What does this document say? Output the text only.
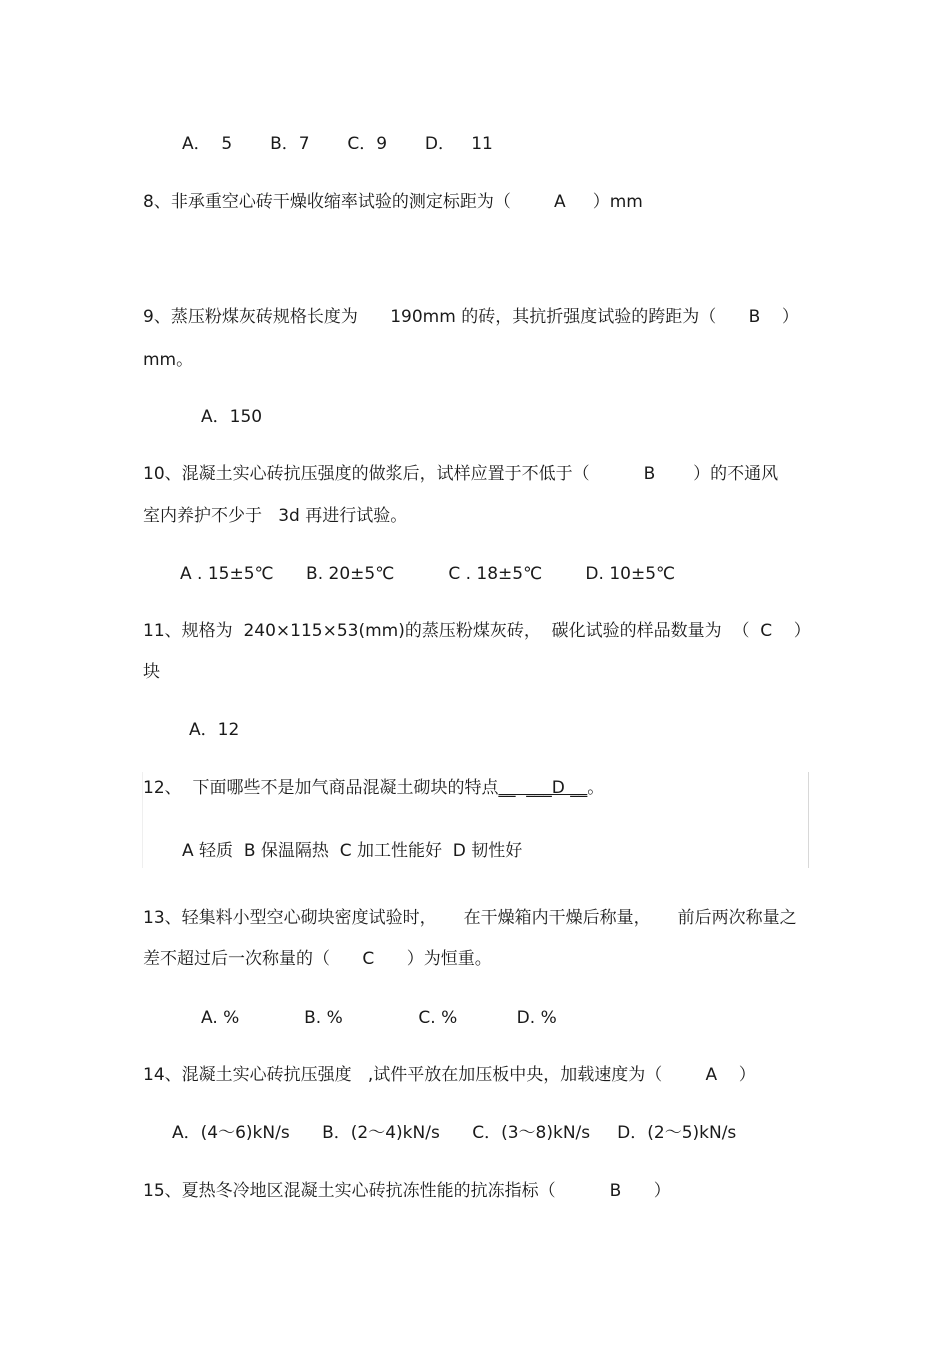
A．  5       B．7       C．9       D．   11
8、非承重空心砖干燥收缩率试验的测定标距为（        A     ）mm
9、蒸压粉煤灰砖规格长度为      190mm 的砖，其抗折强度试验的跨距为（      B    ）
mm。
A．150
10、混凝土实心砖抗压强度的做浆后，试样应置于不低于（          B       ）的不通风
室内养护不少于   3d 再进行试验。
A . 15±5℃      B. 20±5℃          C . 18±5℃        D. 10±5℃
11、规格为  240×115×53(mm)的蒸压粉煤灰砖，  碳化试验的样品数量为  （  C    ）
块
A．12
12、  下面哪些不是加气商品混凝土砌块的特点__  ___D __。
A 轻质  B 保温隔热  C 加工性能好  D 韧性好
13、轻集料小型空心砌块密度试验时，     在干燥箱内干燥后称量，     前后两次称量之
差不超过后一次称量的（      C      ）为恒重。
A. %            B. %              C. %           D. %
14、混凝土实心砖抗压强度   ,试件平放在加压板中央，加载速度为（        A    ）
A．(4～6)kN/s      B．(2～4)kN/s      C．(3～8)kN/s     D．(2～5)kN/s
15、夏热冬冷地区混凝土实心砖抗冻性能的抗冻指标（          B      ）
